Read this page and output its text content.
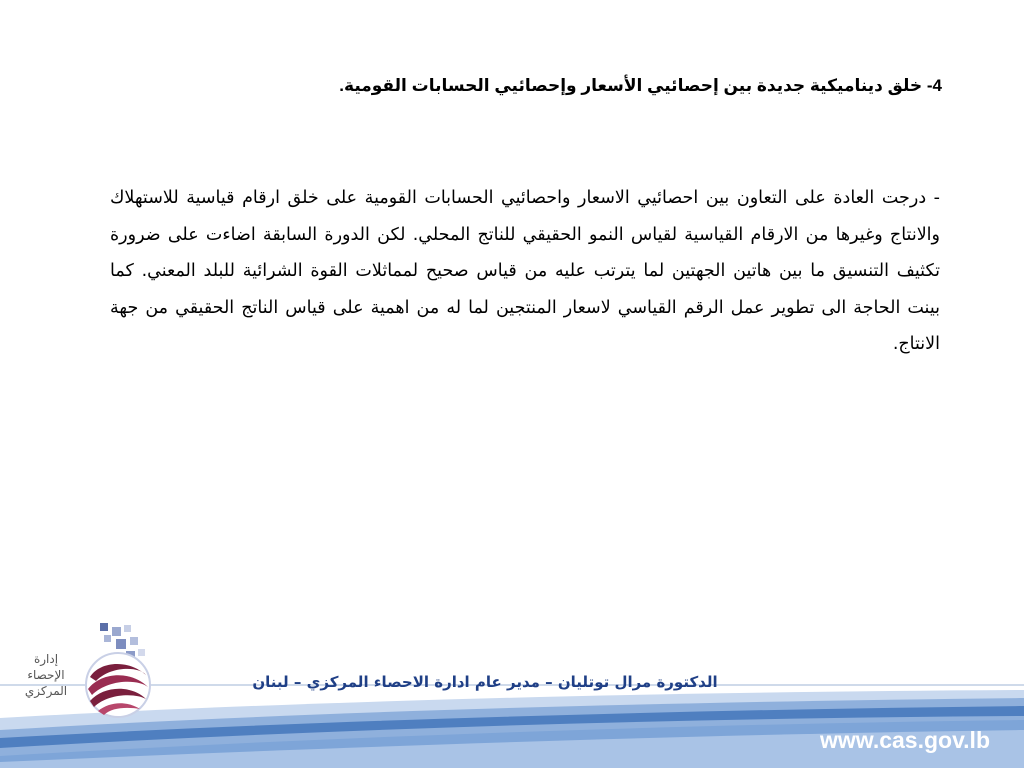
4- خلق ديناميكية جديدة بين إحصائيي الأسعار وإحصائيي الحسابات القومية.

- درجت العادة على التعاون بين احصائيي الاسعار واحصائيي الحسابات القومية على خلق ارقام قياسية للاستهلاك والانتاج وغيرها من الارقام القياسية لقياس النمو الحقيقي للناتج المحلي. لكن الدورة السابقة اضاءت على ضرورة تكثيف التنسيق ما بين هاتين الجهتين لما يترتب عليه من قياس صحيح لمماثلات القوة الشرائية للبلد المعني. كما بينت الحاجة الى تطوير عمل الرقم القياسي لاسعار المنتجين لما له من اهمية على قياس الناتج الحقيقي من جهة الانتاج.

إدارة
الإحصاء
المركزي	الدكتورة مرال توتليان – مدير عام ادارة الاحصاء المركزي – لبنان
www.cas.gov.lb
